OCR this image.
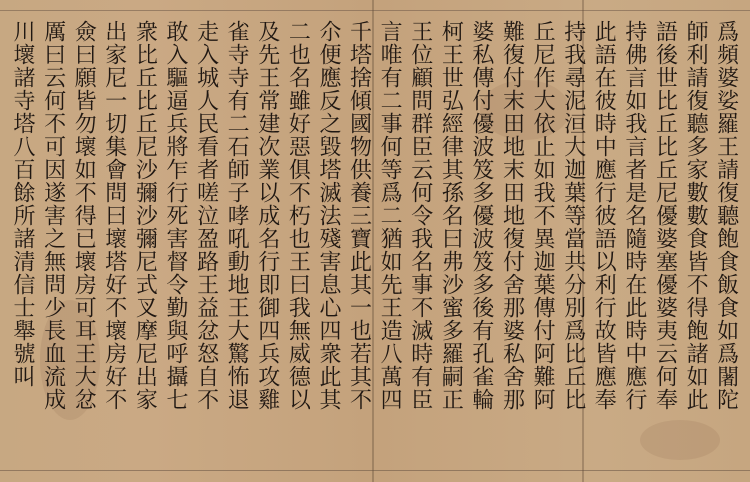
爲頻婆娑羅王請復聽飽食飯食如爲闍陀
師利請復聽多家數數食皆不得飽諸如此
語後世比丘比丘尼優婆塞優婆夷云何奉
持佛言如我言者是名隨時在此時中應行
此語在彼時中應行彼語以利行故皆應奉
持我尋泥洹大迦葉等當共分別爲比丘比
丘尼作大依止如我不異迦葉傳付阿難阿
難復付末田地末田地復付舍那婆私舍那
婆私傳付優波笈多優波笈多後有孔雀輪
柯王世弘經律其孫名曰弗沙蜜多羅嗣正
王位顧問群臣云何令我名事不滅時有臣
言唯有二事何等爲二猶如先王造八萬四
千塔捨傾國物供養三寶此其一也若其不
尒便應反之毀塔滅法殘害息心四衆此其
二也名雖好惡俱不朽也王曰我無威德以
及先王常建次業以成名行即御四兵攻雞
雀寺寺有二石師子哮吼動地王大驚怖退
走入城人民看者嗟泣盈路王益忿怒自不
敢入驅逼兵將乍行死害督令勤與呼攝七
衆比丘比丘尼沙彌沙彌尼式叉摩尼出家
出家尼一切集會問曰壞塔好不壞房好不
僉曰願皆勿壞如不得已壞房可耳王大忿
厲曰云何不可因遂害之無問少長血流成
川壞諸寺塔八百餘所諸清信士舉號叫
